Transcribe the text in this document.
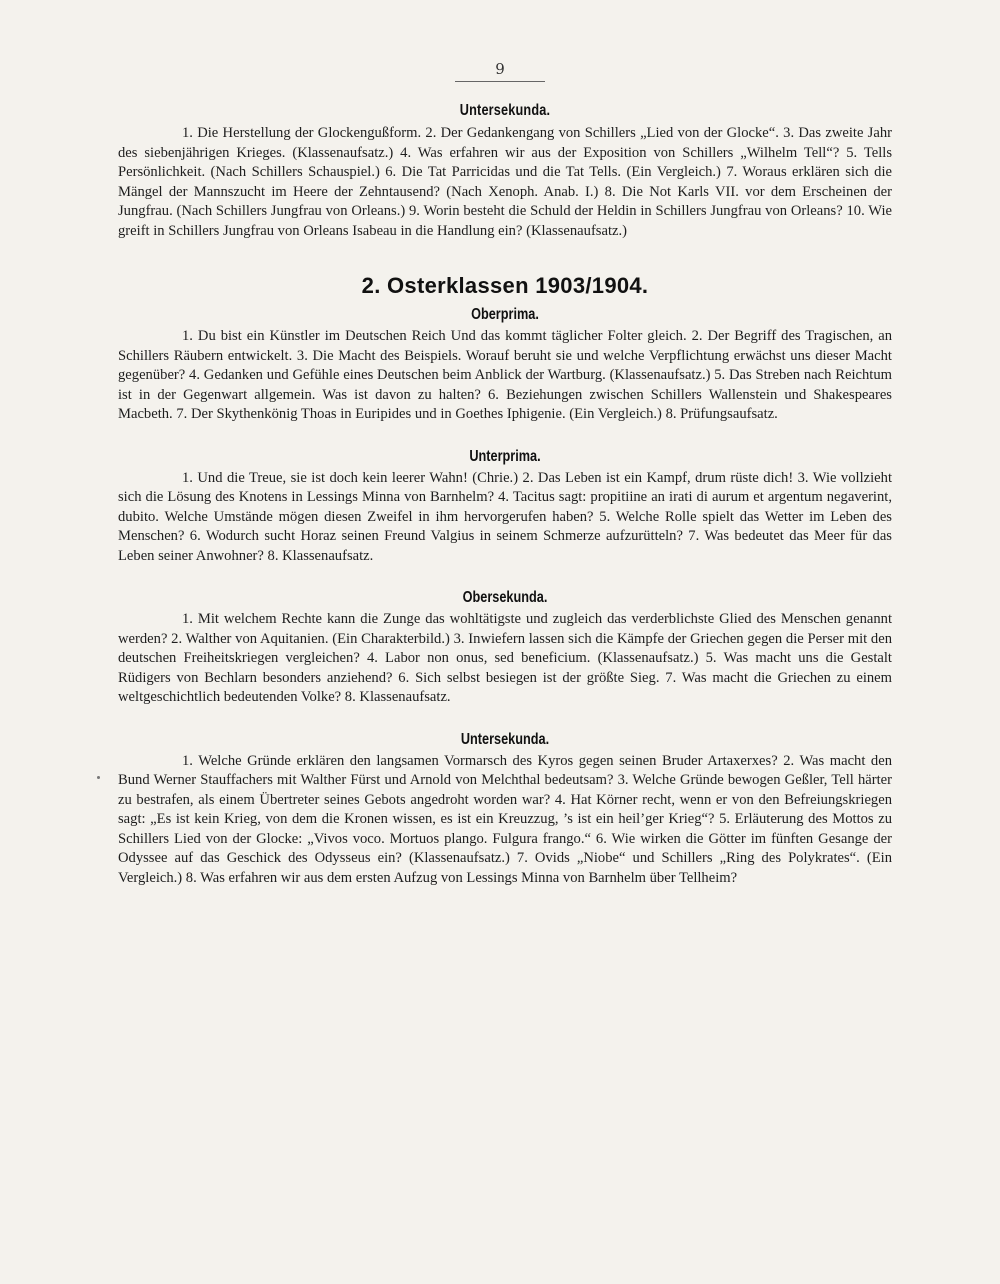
9
Untersekunda.
1. Die Herstellung der Glockengußform. 2. Der Gedankengang von Schillers „Lied von der Glocke“. 3. Das zweite Jahr des siebenjährigen Krieges. (Klassenaufsatz.) 4. Was erfahren wir aus der Exposition von Schillers „Wilhelm Tell“? 5. Tells Persönlichkeit. (Nach Schillers Schauspiel.) 6. Die Tat Parricidas und die Tat Tells. (Ein Vergleich.) 7. Woraus erklären sich die Mängel der Mannszucht im Heere der Zehntausend? (Nach Xenoph. Anab. I.) 8. Die Not Karls VII. vor dem Erscheinen der Jungfrau. (Nach Schillers Jungfrau von Orleans.) 9. Worin besteht die Schuld der Heldin in Schillers Jungfrau von Orleans? 10. Wie greift in Schillers Jungfrau von Orleans Isabeau in die Handlung ein? (Klassenaufsatz.)
2. Osterklassen 1903/1904.
Oberprima.
1. Du bist ein Künstler im Deutschen Reich Und das kommt täglicher Folter gleich. 2. Der Begriff des Tragischen, an Schillers Räubern entwickelt. 3. Die Macht des Beispiels. Worauf beruht sie und welche Verpflichtung erwächst uns dieser Macht gegenüber? 4. Gedanken und Gefühle eines Deutschen beim Anblick der Wartburg. (Klassenaufsatz.) 5. Das Streben nach Reichtum ist in der Gegenwart allgemein. Was ist davon zu halten? 6. Beziehungen zwischen Schillers Wallenstein und Shakespeares Macbeth. 7. Der Skythenkönig Thoas in Euripides und in Goethes Iphigenie. (Ein Vergleich.) 8. Prüfungsaufsatz.
Unterprima.
1. Und die Treue, sie ist doch kein leerer Wahn! (Chrie.) 2. Das Leben ist ein Kampf, drum rüste dich! 3. Wie vollzieht sich die Lösung des Knotens in Lessings Minna von Barnhelm? 4. Tacitus sagt: propitiine an irati di aurum et argentum negaverint, dubito. Welche Umstände mögen diesen Zweifel in ihm hervorgerufen haben? 5. Welche Rolle spielt das Wetter im Leben des Menschen? 6. Wodurch sucht Horaz seinen Freund Valgius in seinem Schmerze aufzurütteln? 7. Was bedeutet das Meer für das Leben seiner Anwohner? 8. Klassenaufsatz.
Obersekunda.
1. Mit welchem Rechte kann die Zunge das wohltätigste und zugleich das verderblichste Glied des Menschen genannt werden? 2. Walther von Aquitanien. (Ein Charakterbild.) 3. Inwiefern lassen sich die Kämpfe der Griechen gegen die Perser mit den deutschen Freiheitskriegen vergleichen? 4. Labor non onus, sed beneficium. (Klassenaufsatz.) 5. Was macht uns die Gestalt Rüdigers von Bechlarn besonders anziehend? 6. Sich selbst besiegen ist der größte Sieg. 7. Was macht die Griechen zu einem weltgeschichtlich bedeutenden Volke? 8. Klassenaufsatz.
Untersekunda.
1. Welche Gründe erklären den langsamen Vormarsch des Kyros gegen seinen Bruder Artaxerxes? 2. Was macht den Bund Werner Stauffachers mit Walther Fürst und Arnold von Melchthal bedeutsam? 3. Welche Gründe bewogen Geßler, Tell härter zu bestrafen, als einem Übertreter seines Gebots angedroht worden war? 4. Hat Körner recht, wenn er von den Befreiungskriegen sagt: „Es ist kein Krieg, von dem die Kronen wissen, es ist ein Kreuzzug, ’s ist ein heil’ger Krieg“? 5. Erläuterung des Mottos zu Schillers Lied von der Glocke: „Vivos voco. Mortuos plango. Fulgura frango.“ 6. Wie wirken die Götter im fünften Gesange der Odyssee auf das Geschick des Odysseus ein? (Klassenaufsatz.) 7. Ovids „Niobe“ und Schillers „Ring des Polykrates“. (Ein Vergleich.) 8. Was erfahren wir aus dem ersten Aufzug von Lessings Minna von Barnhelm über Tellheim?
